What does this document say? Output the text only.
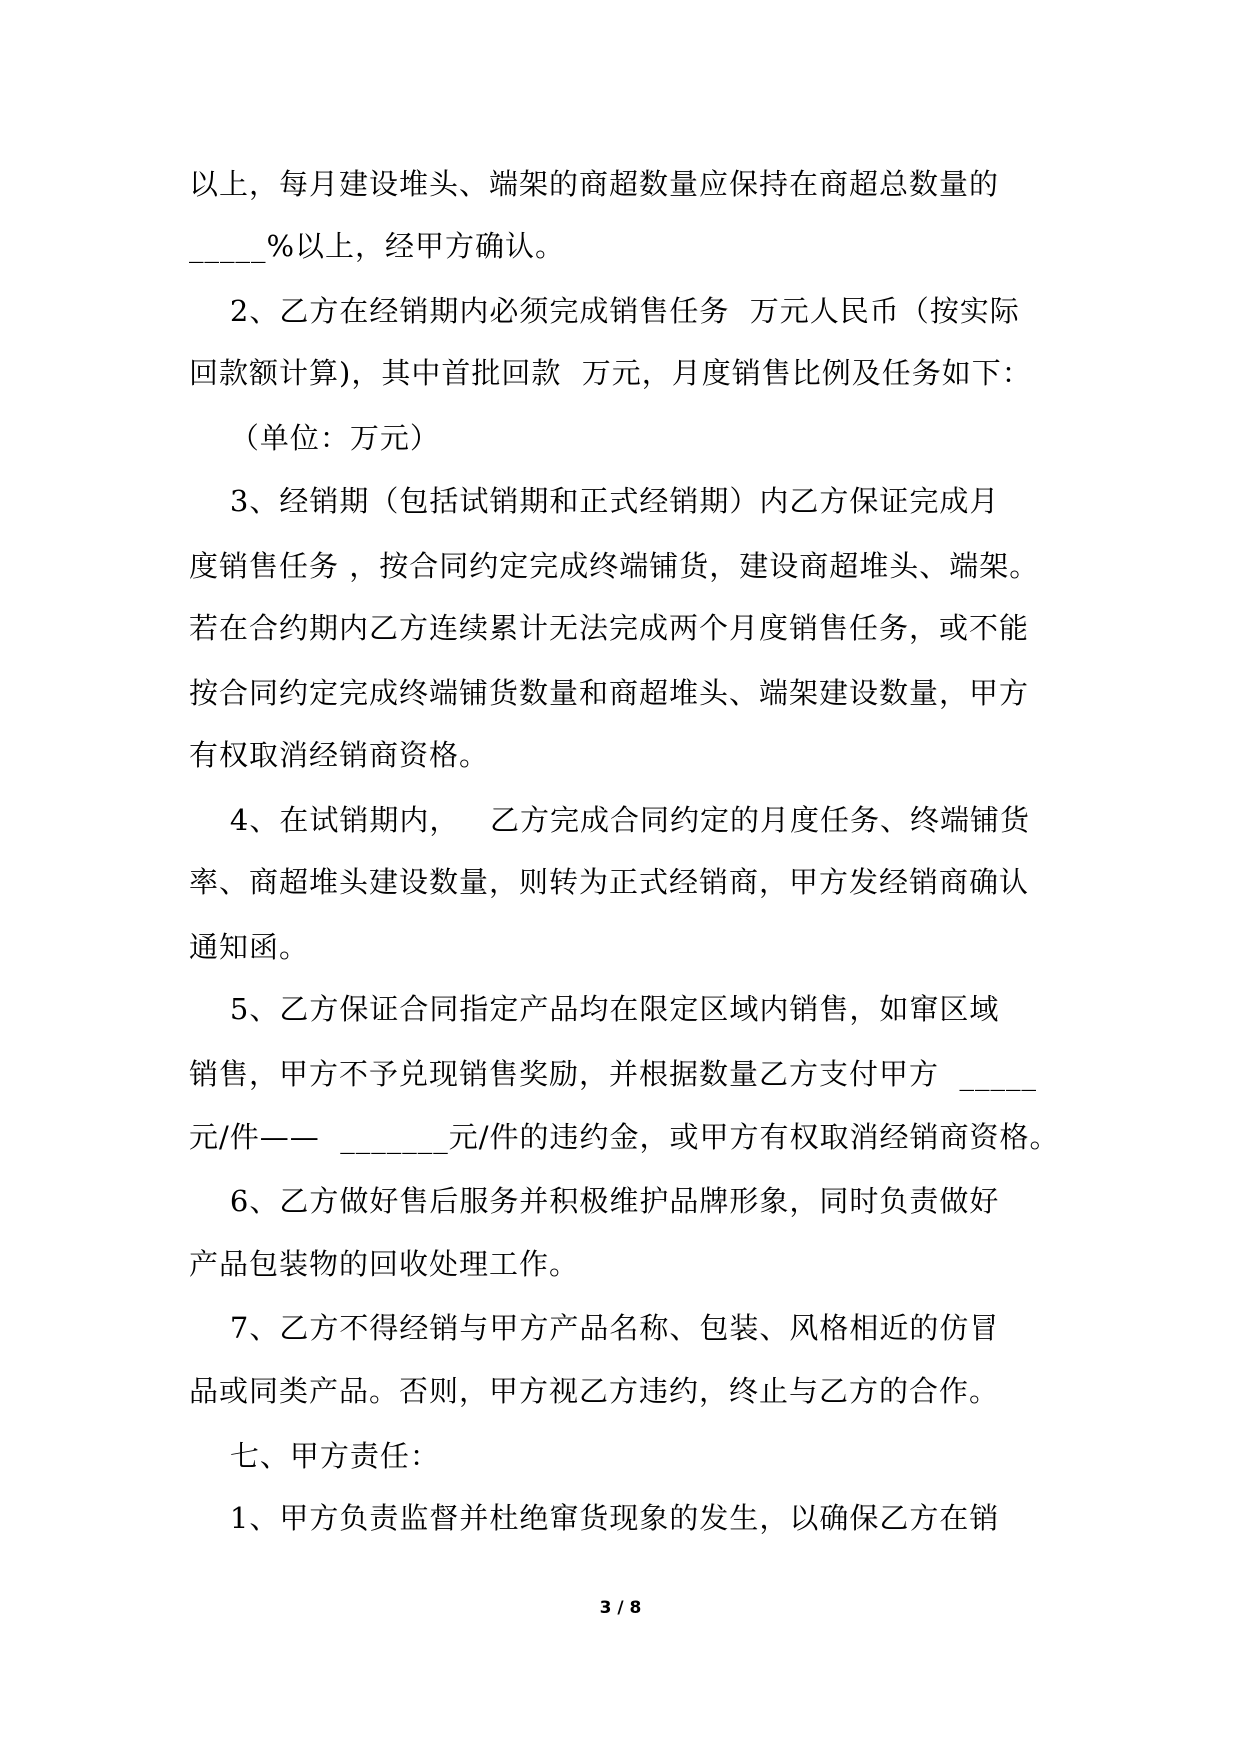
以上，每月建设堆头、端架的商超数量应保持在商超总数量的
_____%以上，经甲方确认。
2、乙方在经销期内必须完成销售任务  万元人民币（按实际
回款额计算)，其中首批回款  万元，月度销售比例及任务如下：
（单位：万元）
3、经销期（包括试销期和正式经销期）内乙方保证完成月
度销售任务 ，按合同约定完成终端铺货，建设商超堆头、端架。
若在合约期内乙方连续累计无法完成两个月度销售任务，或不能
按合同约定完成终端铺货数量和商超堆头、端架建设数量，甲方
有权取消经销商资格。
4、在试销期内，   乙方完成合同约定的月度任务、终端铺货
率、商超堆头建设数量，则转为正式经销商，甲方发经销商确认
通知函。
5、乙方保证合同指定产品均在限定区域内销售，如窜区域
销售，甲方不予兑现销售奖励，并根据数量乙方支付甲方  _____
元/件——  _______元/件的违约金，或甲方有权取消经销商资格。
6、乙方做好售后服务并积极维护品牌形象，同时负责做好
产品包装物的回收处理工作。
7、乙方不得经销与甲方产品名称、包装、风格相近的仿冒
品或同类产品。否则，甲方视乙方违约，终止与乙方的合作。
七、甲方责任：
1、甲方负责监督并杜绝窜货现象的发生，以确保乙方在销
3 / 8
